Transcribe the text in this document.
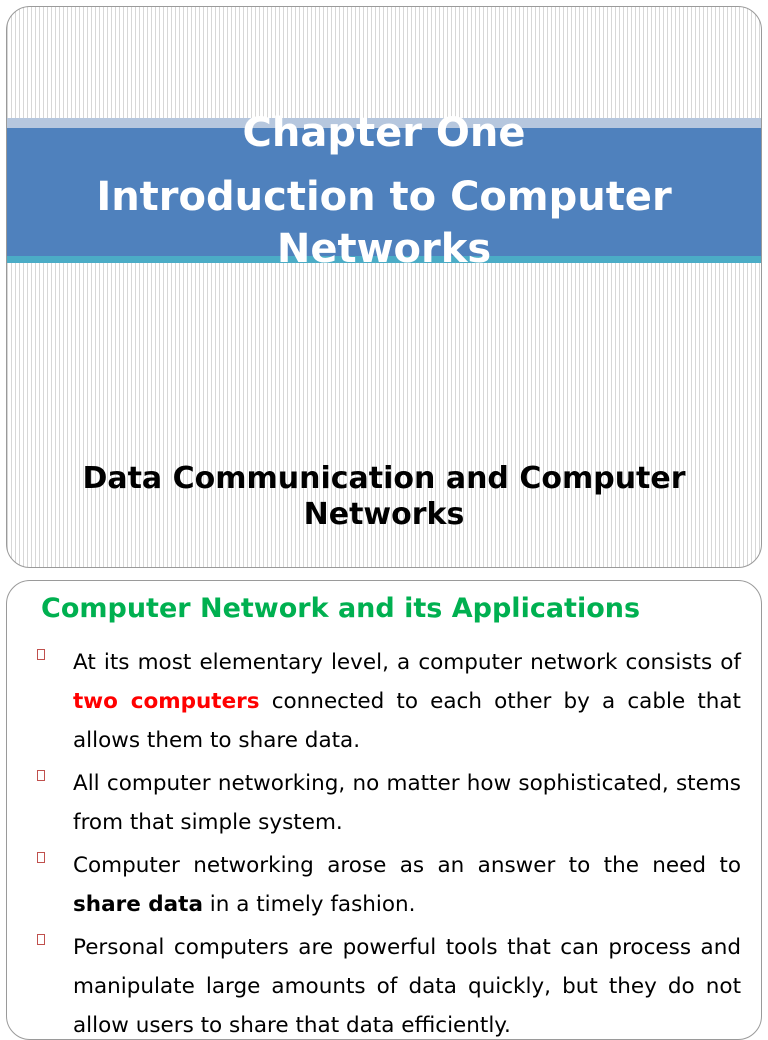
Chapter One
Introduction to Computer Networks
Data Communication and Computer Networks
Computer Network and its Applications
At its most elementary level, a computer network consists of two computers connected to each other by a cable that allows them to share data.
All computer networking, no matter how sophisticated, stems from that simple system.
Computer networking arose as an answer to the need to share data in a timely fashion.
Personal computers are powerful tools that can process and manipulate large amounts of data quickly, but they do not allow users to share that data efficiently.
